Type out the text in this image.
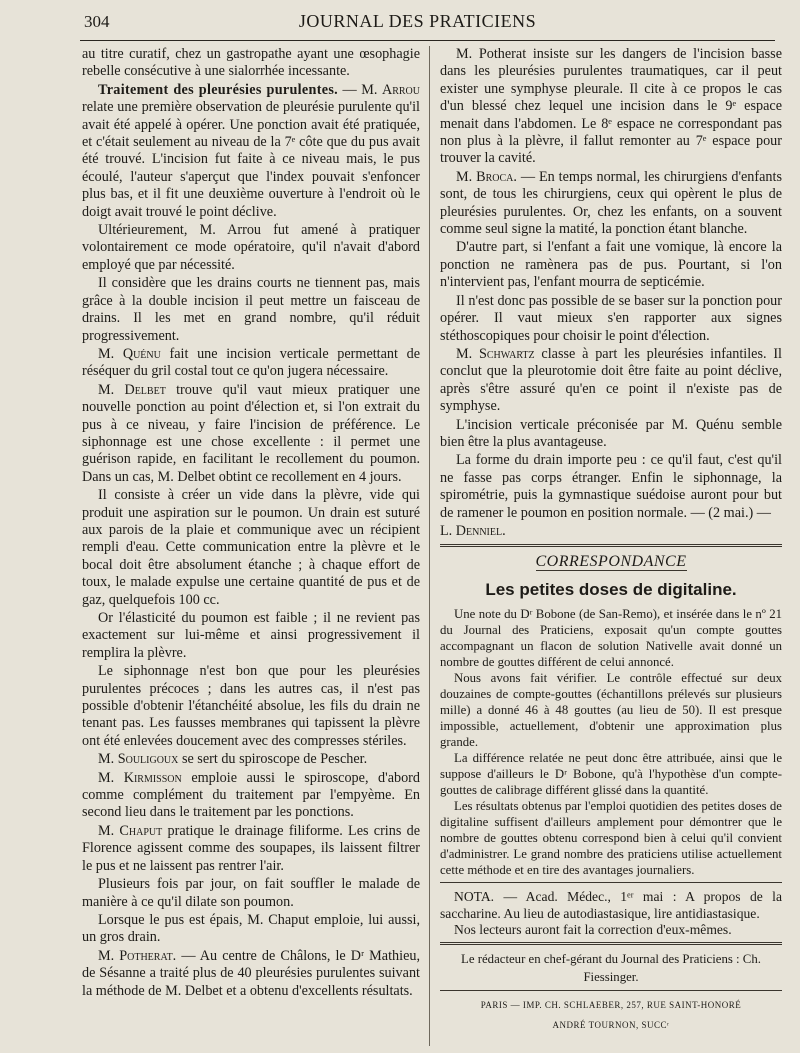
304	JOURNAL DES PRATICIENS

au titre curatif, chez un gastropathe ayant une œsophagie rebelle consécutive à une sialorrhée incessante.

Traitement des pleurésies purulentes. — M. Arrou relate une première observation de pleurésie purulente qu'il avait été appelé à opérer. Une ponction avait été pratiquée, et c'était seulement au niveau de la 7ᵉ côte que du pus avait été trouvé. L'incision fut faite à ce niveau mais, le pus écoulé, l'auteur s'aperçut que l'index pouvait s'enfoncer plus bas, et il fit une deuxième ouverture à l'endroit où le doigt avait trouvé le point déclive.

Ultérieurement, M. Arrou fut amené à pratiquer volontairement ce mode opératoire, qu'il n'avait d'abord employé que par nécessité.

Il considère que les drains courts ne tiennent pas, mais grâce à la double incision il peut mettre un faisceau de drains. Il les met en grand nombre, qu'il réduit progressivement.

M. Quénu fait une incision verticale permettant de réséquer du gril costal tout ce qu'on jugera nécessaire.

M. Delbet trouve qu'il vaut mieux pratiquer une nouvelle ponction au point d'élection et, si l'on extrait du pus à ce niveau, y faire l'incision de préférence. Le siphonnage est une chose excellente : il permet une guérison rapide, en facilitant le recollement du poumon. Dans un cas, M. Delbet obtint ce recollement en 4 jours.

Il consiste à créer un vide dans la plèvre, vide qui produit une aspiration sur le poumon. Un drain est suturé aux parois de la plaie et communique avec un récipient rempli d'eau. Cette communication entre la plèvre et le bocal doit être absolument étanche ; à chaque effort de toux, le malade expulse une certaine quantité de pus et de gaz, quelquefois 100 cc.

Or l'élasticité du poumon est faible ; il ne revient pas exactement sur lui-même et ainsi progressivement il remplira la plèvre.

Le siphonnage n'est bon que pour les pleurésies purulentes précoces ; dans les autres cas, il n'est pas possible d'obtenir l'étanchéité absolue, les fils du drain ne tenant pas. Les fausses membranes qui tapissent la plèvre ont été enlevées doucement avec des compresses stériles.

M. Souligoux se sert du spiroscope de Pescher.

M. Kirmisson emploie aussi le spiroscope, d'abord comme complément du traitement par l'empyème. En second lieu dans le traitement par les ponctions.

M. Chaput pratique le drainage filiforme. Les crins de Florence agissent comme des soupapes, ils laissent filtrer le pus et ne laissent pas rentrer l'air.

Plusieurs fois par jour, on fait souffler le malade de manière à ce qu'il dilate son poumon.

Lorsque le pus est épais, M. Chaput emploie, lui aussi, un gros drain.

M. Potherat. — Au centre de Châlons, le Dʳ Mathieu, de Sésanne a traité plus de 40 pleurésies purulentes suivant la méthode de M. Delbet et a obtenu d'excellents résultats.

M. Potherat insiste sur les dangers de l'incision basse dans les pleurésies purulentes traumatiques, car il peut exister une symphyse pleurale. Il cite à ce propos le cas d'un blessé chez lequel une incision dans le 9ᵉ espace menait dans l'abdomen. Le 8ᵉ espace ne correspondant pas non plus à la plèvre, il fallut remonter au 7ᵉ espace pour trouver la cavité.

M. Broca. — En temps normal, les chirurgiens d'enfants sont, de tous les chirurgiens, ceux qui opèrent le plus de pleurésies purulentes. Or, chez les enfants, on a souvent comme seul signe la matité, la ponction étant blanche.

D'autre part, si l'enfant a fait une vomique, là encore la ponction ne ramènera pas de pus. Pourtant, si l'on n'intervient pas, l'enfant mourra de septicémie.

Il n'est donc pas possible de se baser sur la ponction pour opérer. Il vaut mieux s'en rapporter aux signes stéthoscopiques pour choisir le point d'élection.

M. Schwartz classe à part les pleurésies infantiles. Il conclut que la pleurotomie doit être faite au point déclive, après s'être assuré qu'en ce point il n'existe pas de symphyse.

L'incision verticale préconisée par M. Quénu semble bien être la plus avantageuse.

La forme du drain importe peu : ce qu'il faut, c'est qu'il ne fasse pas corps étranger. Enfin le siphonnage, la spirométrie, puis la gymnastique suédoise auront pour but de ramener le poumon en position normale. — (2 mai.) —

L. Denniel.

CORRESPONDANCE
Les petites doses de digitaline.

Une note du Dʳ Bobone (de San-Remo), et insérée dans le nº 21 du Journal des Praticiens, exposait qu'un compte gouttes accompagnant un flacon de solution Nativelle avait donné un nombre de gouttes différent de celui annoncé.

Nous avons fait vérifier. Le contrôle effectué sur deux douzaines de compte-gouttes (échantillons prélevés sur plusieurs mille) a donné 46 à 48 gouttes (au lieu de 50). Il est presque impossible, actuellement, d'obtenir une approximation plus grande.

La différence relatée ne peut donc être attribuée, ainsi que le suppose d'ailleurs le Dʳ Bobone, qu'à l'hypothèse d'un compte-gouttes de calibrage différent glissé dans la quantité.

Les résultats obtenus par l'emploi quotidien des petites doses de digitaline suffisent d'ailleurs amplement pour démontrer que le nombre de gouttes obtenu correspond bien à celui qu'il convient d'administrer. Le grand nombre des praticiens utilise actuellement cette méthode et en tire des avantages journaliers.

NOTA. — Acad. Médec., 1ᵉʳ mai : A propos de la saccharine. Au lieu de autodiastasique, lire antidiastasique.

Nos lecteurs auront fait la correction d'eux-mêmes.

Le rédacteur en chef-gérant du Journal des Praticiens : Ch. Fiessinger.
PARIS — IMP. CH. SCHLAEBER, 257, RUE SAINT-HONORÉ
ANDRÉ TOURNON, SUCCʳ
